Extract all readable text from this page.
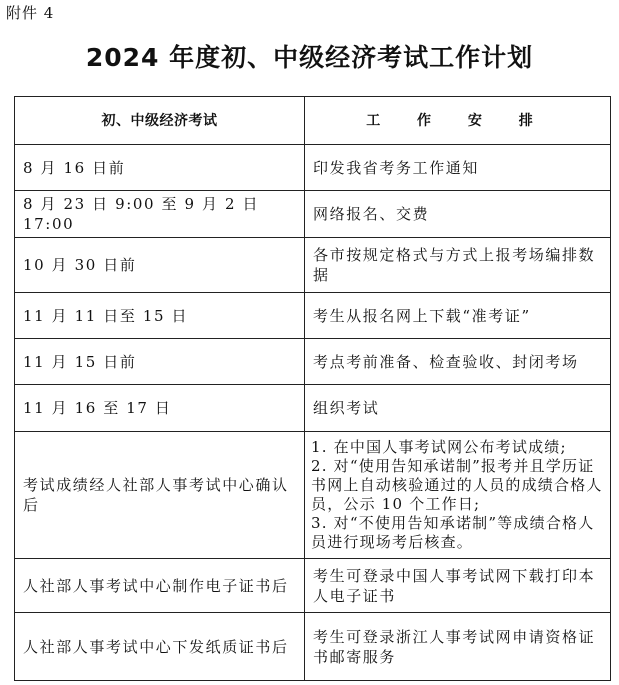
附件 4
2024 年度初、中级经济考试工作计划
初、中级经济考试	工 作 安 排
8 月 16 日前	印发我省考务工作通知
8 月 23 日 9:00 至 9 月 2 日 17:00	网络报名、交费
10 月 30 日前	各市按规定格式与方式上报考场编排数据
11 月 11 日至 15 日	考生从报名网上下载“准考证”
11 月 15 日前	考点考前准备、检查验收、封闭考场
11 月 16 至 17 日	组织考试
考试成绩经人社部人事考试中心确认后	1. 在中国人事考试网公布考试成绩;
2. 对“使用告知承诺制”报考并且学历证书网上自动核验通过的人员的成绩合格人员，公示 10 个工作日;
3. 对“不使用告知承诺制”等成绩合格人员进行现场考后核查。

人社部人事考试中心制作电子证书后	考生可登录中国人事考试网下载打印本人电子证书
人社部人事考试中心下发纸质证书后	考生可登录浙江人事考试网申请资格证书邮寄服务
